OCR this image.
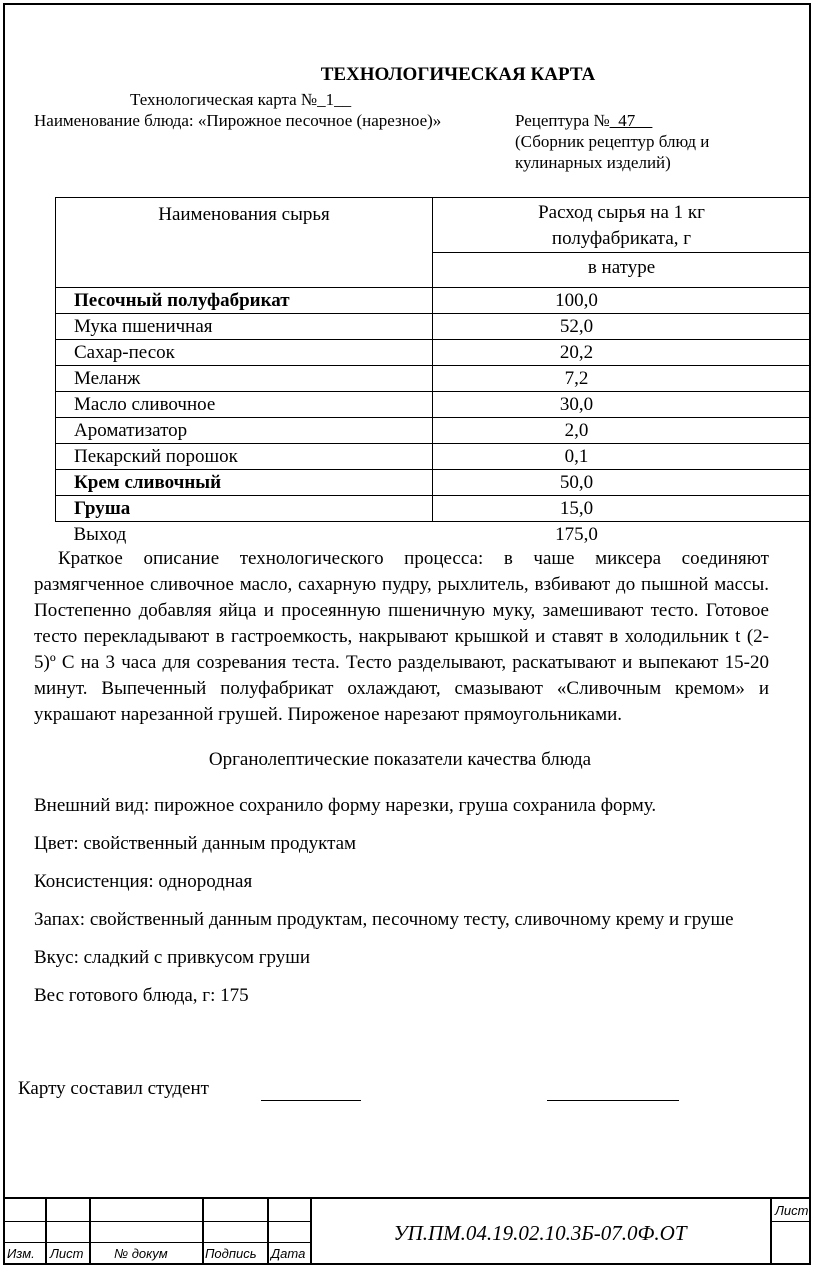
ТЕХНОЛОГИЧЕСКАЯ КАРТА
Технологическая карта №_1__
Наименование блюда: «Пирожное песочное (нарезное)»	Рецептура №_47__
(Сборник рецептур блюд и
кулинарных изделий)
Наименования сырья	Расход сырья на 1 кг
полуфабриката, г

	в натуре
Песочный полуфабрикат	100,0
Мука пшеничная	52,0
Сахар-песок	20,2
Меланж	7,2
Масло сливочное	30,0
Ароматизатор	2,0
Пекарский порошок	0,1
Крем сливочный	50,0
Груша	15,0
Выход	175,0
Краткое описание технологического процесса: в чаше миксера соединяют размягченное сливочное масло, сахарную пудру, рыхлитель, взбивают до пышной массы. Постепенно добавляя яйца и просеянную пшеничную муку, замешивают тесто. Готовое тесто перекладывают в гастроемкость, накрывают крышкой и ставят в холодильник t (2-5)º С на 3 часа для созревания теста. Тесто разделывают, раскатывают и выпекают 15-20 минут. Выпеченный полуфабрикат охлаждают, смазывают «Сливочным кремом» и украшают нарезанной грушей. Пироженое нарезают прямоугольниками.
Органолептические показатели качества блюда

Внешний вид: пирожное сохранило форму нарезки, груша сохранила форму.

Цвет: свойственный данным продуктам

Консистенция: однородная

Запах: свойственный данным продуктам, песочному тесту, сливочному крему и груше

Вкус: сладкий с привкусом груши

Вес готового блюда, г: 175

Карту составил студент
Изм. Лист № докум	Подпись Дата
Лист
УП.ПМ.04.19.02.10.3Б-07.0Ф.ОТ
